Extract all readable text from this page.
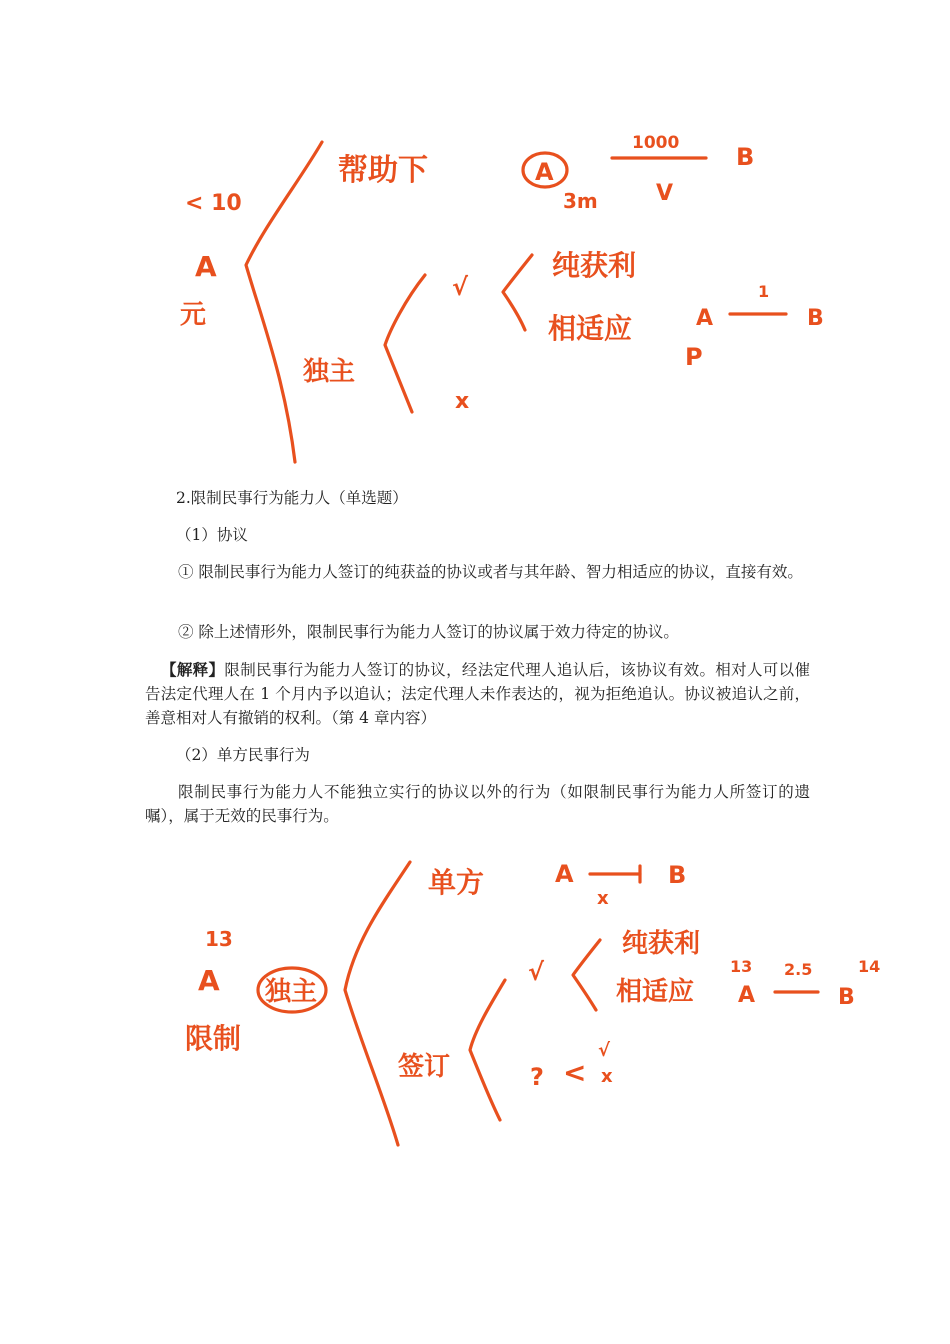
帮助下
< 10
A
元
独主
√
x
纯获利
相适应
A
1000 B
3m	V
A
1
B
P

2.限制民事行为能力人（单选题）

（1）协议

① 限制民事行为能力人签订的纯获益的协议或者与其年龄、智力相适应的协议，直接有效。

② 除上述情形外，限制民事行为能力人签订的协议属于效力待定的协议。

【解释】限制民事行为能力人签订的协议，经法定代理人追认后，该协议有效。相对人可以催告法定代理人在 1 个月内予以追认；法定代理人未作表达的，视为拒绝追认。协议被追认之前，善意相对人有撤销的权利。（第 4 章内容）

（2）单方民事行为

限制民事行为能力人不能独立实行的协议以外的行为（如限制民事行为能力人所签订的遗嘱），属于无效的民事行为。

单方	A
x
B
13
A 独主
限制
√
纯获利
相适应
13 2.5	14
A	B
签订	? <
√
x
